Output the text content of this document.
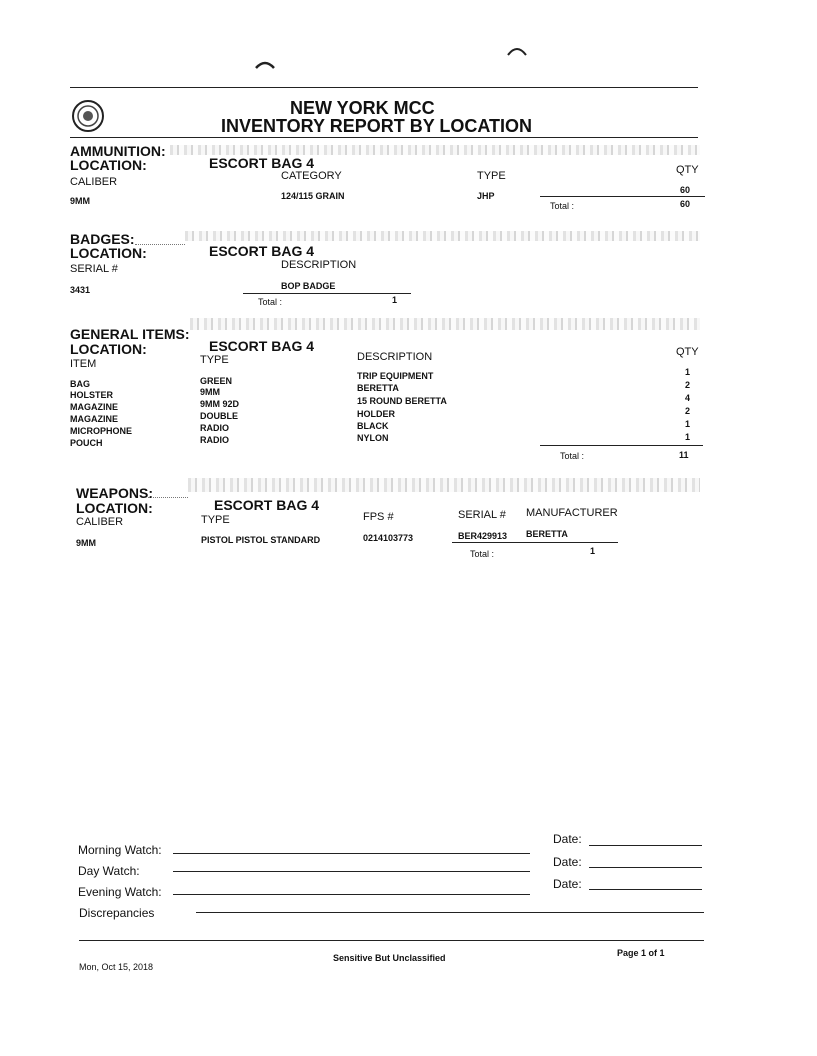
NEW YORK MCC
INVENTORY REPORT BY LOCATION
AMMUNITION:
LOCATION:	ESCORT BAG 4
CALIBER	CATEGORY	TYPE	QTY
9MM	124/115 GRAIN	JHP
60
Total :	60
BADGES:
LOCATION:	ESCORT BAG 4
SERIAL #	DESCRIPTION
3431	BOP BADGE
Total :	1
GENERAL ITEMS:
LOCATION:	ESCORT BAG 4
ITEM	TYPE	DESCRIPTION	QTY
BAG	GREEN	TRIP EQUIPMENT	1
HOLSTER	9MM	BERETTA	2
MAGAZINE	9MM 92D	15 ROUND BERETTA	4
MAGAZINE	DOUBLE	HOLDER	2
MICROPHONE	RADIO	BLACK	1
POUCH	RADIO	NYLON	1
Total :	11
WEAPONS:
LOCATION:	ESCORT BAG 4
CALIBER	TYPE	FPS #	SERIAL # MANUFACTURER
9MM	PISTOL PISTOL STANDARD	0214103773	BER429913 BERETTA
Total :	1
Morning Watch:
Date:
Day Watch:
Date:
Evening Watch:
Date:
Discrepancies
Mon, Oct 15, 2018
Sensitive But Unclassified	Page 1 of 1
